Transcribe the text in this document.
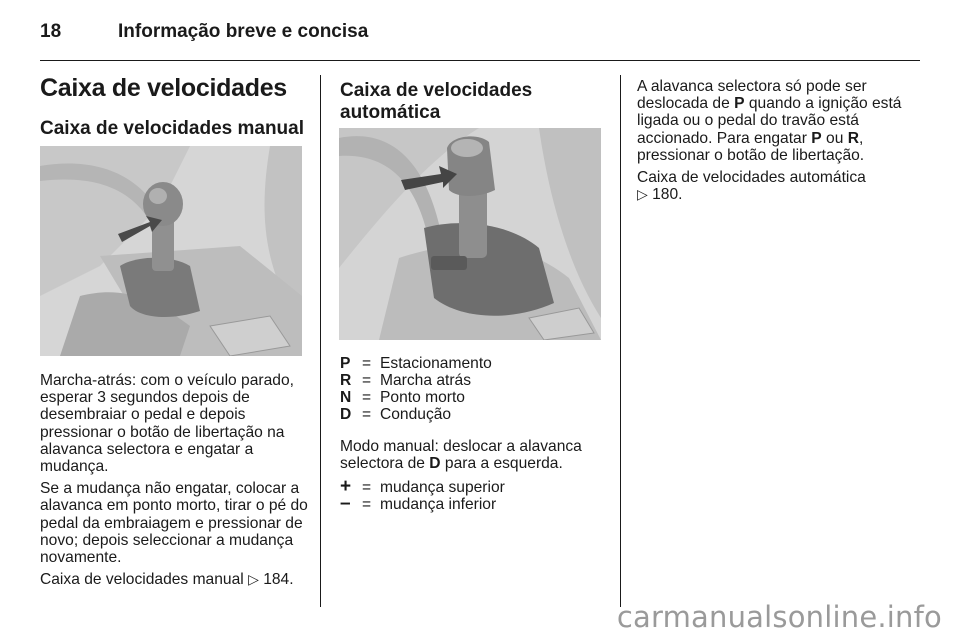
18	Informação breve e concisa
Caixa de velocidades
Caixa de velocidades manual

Marcha-atrás: com o veículo parado, esperar 3 segundos depois de desembraiar o pedal e depois pressionar o botão de libertação na alavanca selectora e engatar a mudança.

Se a mudança não engatar, colocar a alavanca em ponto morto, tirar o pé do pedal da embraiagem e pressionar de novo; depois seleccionar a mudança novamente.

Caixa de velocidades manual ▷ 184.

Caixa de velocidades automática
P = Estacionamento
R = Marcha atrás
N = Ponto morto
D = Condução
Modo manual: deslocar a alavanca selectora de D para a esquerda.
+ = mudança superior
– = mudança inferior

A alavanca selectora só pode ser deslocada de P quando a ignição está ligada ou o pedal do travão está accionado. Para engatar P ou R, pressionar o botão de libertação.

Caixa de velocidades automática
▷ 180.

carmanualsonline.info
